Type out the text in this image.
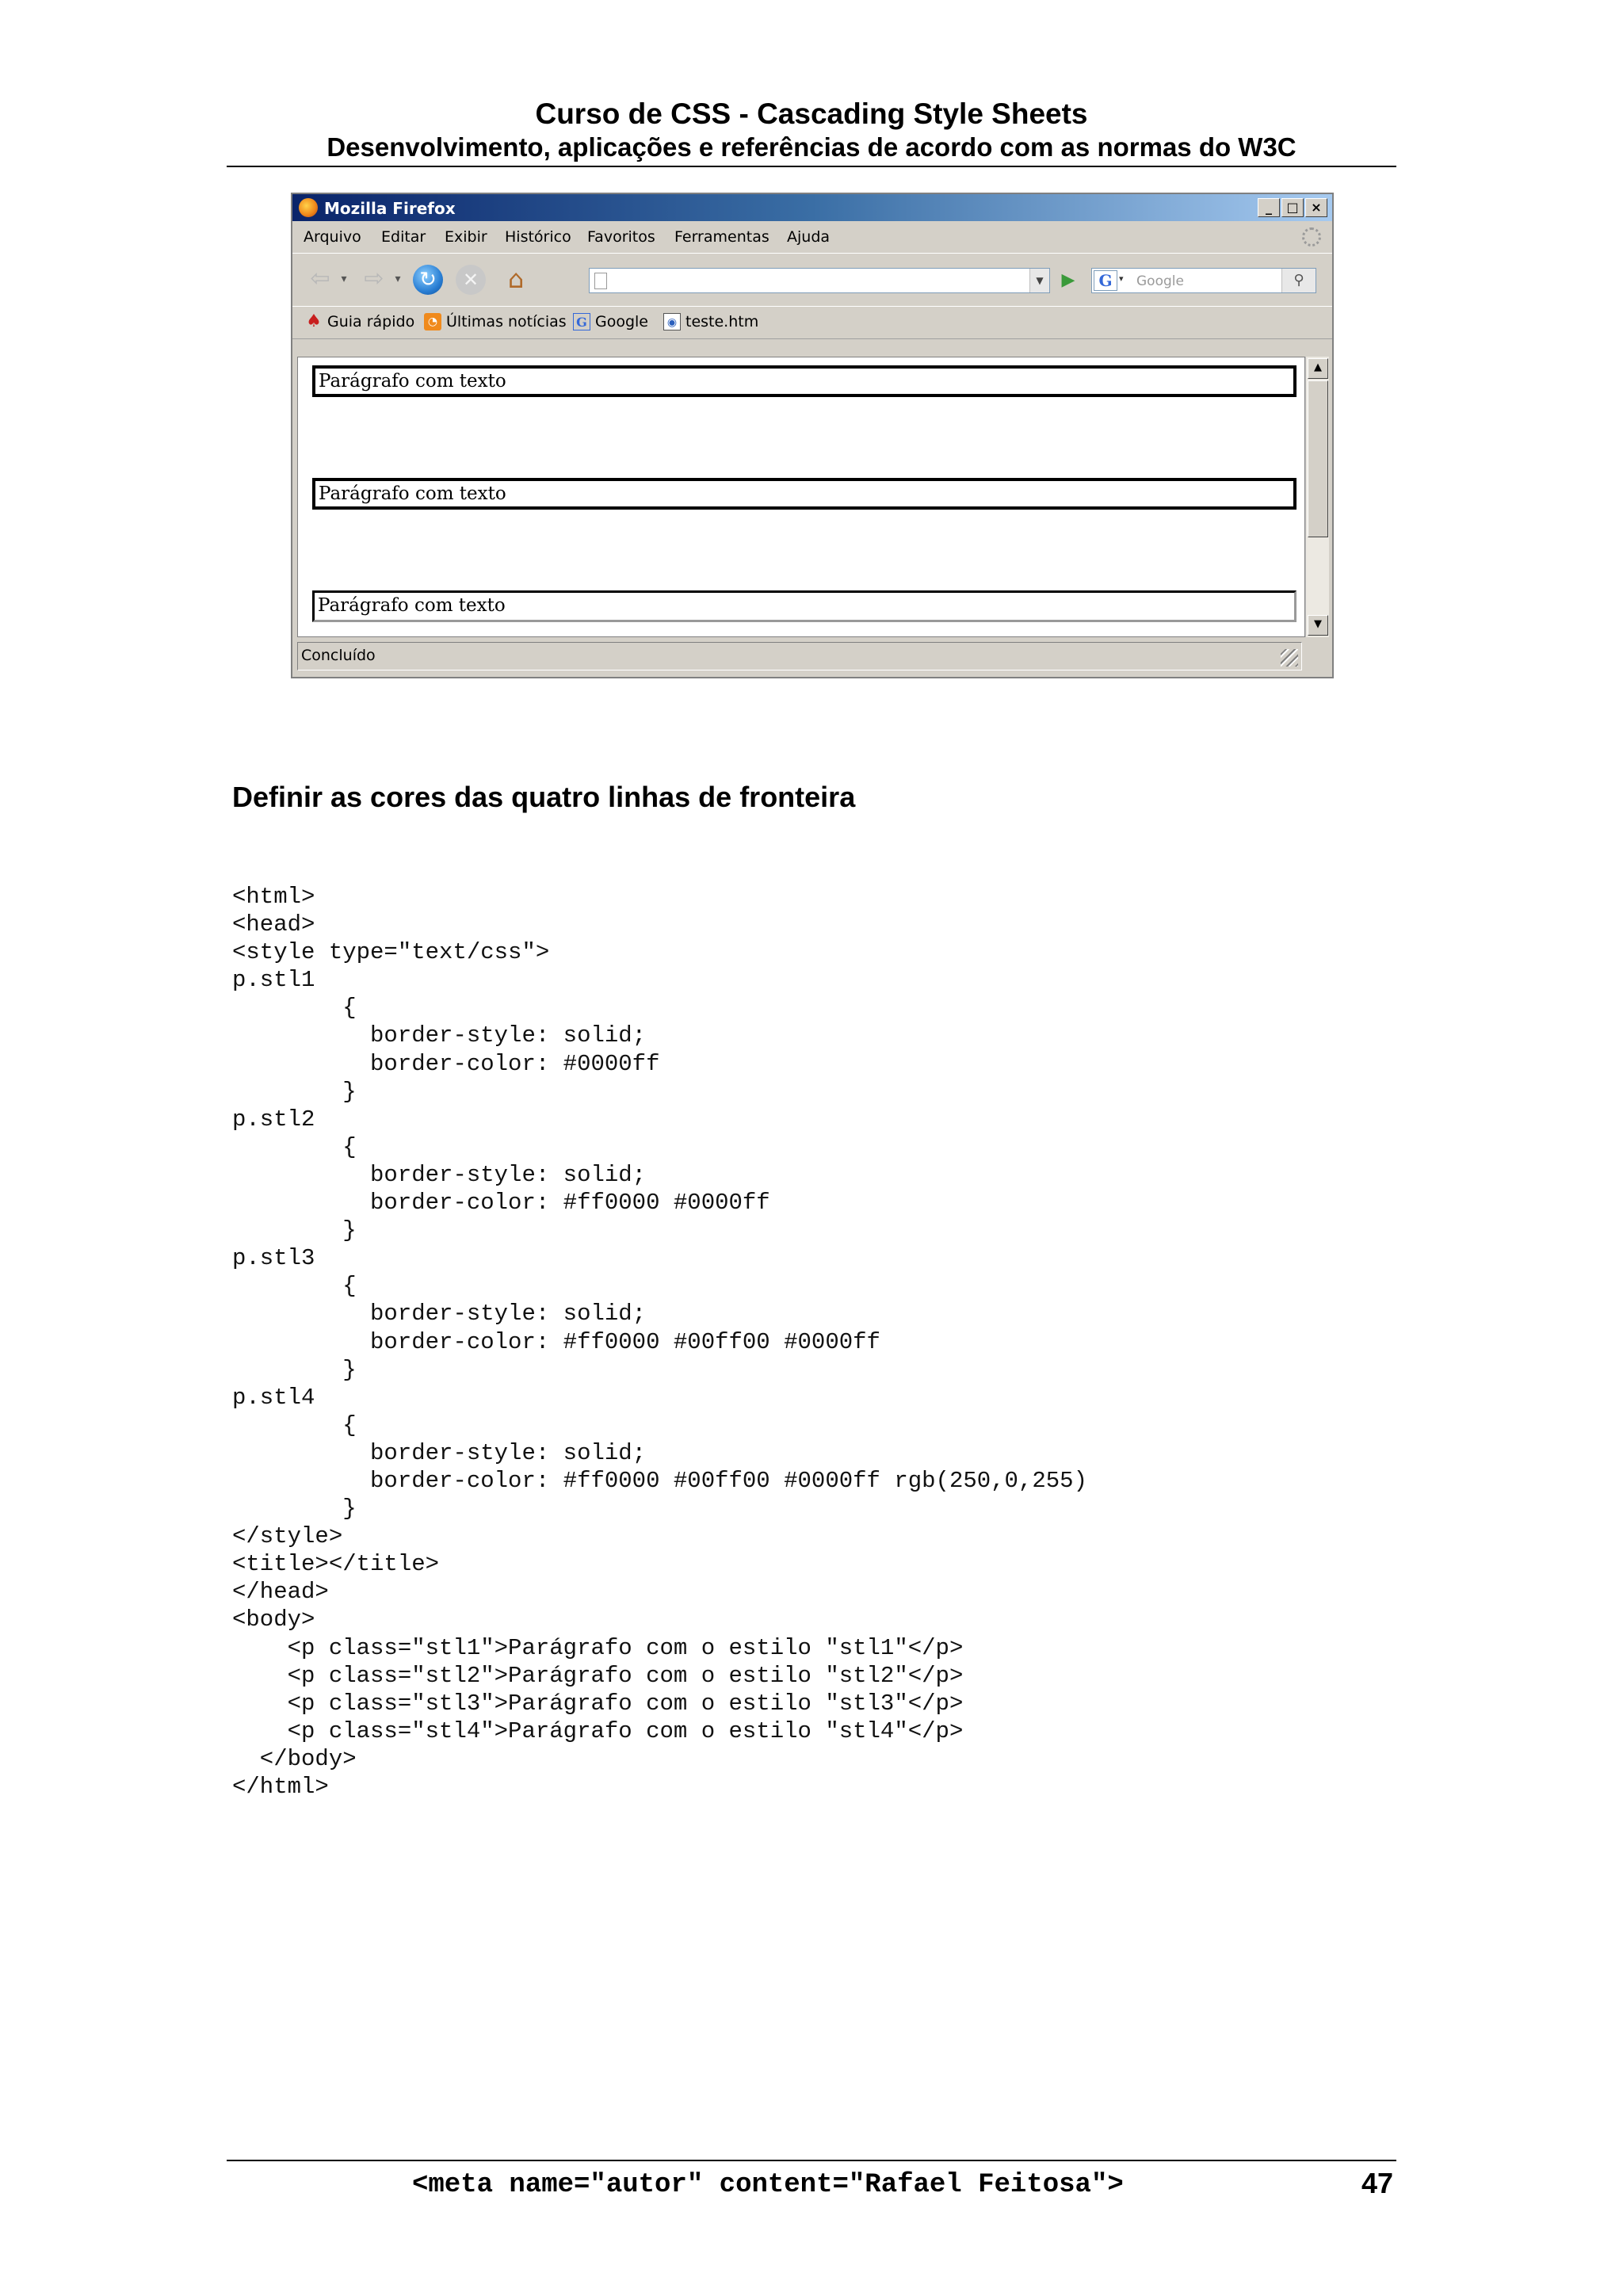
Curso de CSS - Cascading Style Sheets
Desenvolvimento, aplicações e referências de acordo com as normas do W3C
Mozilla Firefox	_	□ ×
Arquivo Editar Exibir Histórico Favoritos Ferramentas Ajuda
⇦ ▾ ⇨ ▾ ↻	✕	⌂	▼	▶	G ▾ Google	⚲
♠ Guia rápido	◔ Últimas notícias G Google	◉ teste.htm
Parágrafo com texto
Parágrafo com texto
Parágrafo com texto
▲
▼
Concluído
Definir as cores das quatro linhas de fronteira
<html>
<head>
<style type="text/css">
p.stl1
{
border-style: solid;
border-color: #0000ff
}
p.stl2
{
border-style: solid;
border-color: #ff0000 #0000ff
}
p.stl3
{
border-style: solid;
border-color: #ff0000 #00ff00 #0000ff
}
p.stl4
{
border-style: solid;
border-color: #ff0000 #00ff00 #0000ff rgb(250,0,255)
}
</style>
<title></title>
</head>
<body>
<p class="stl1">Parágrafo com o estilo "stl1"</p>
<p class="stl2">Parágrafo com o estilo "stl2"</p>
<p class="stl3">Parágrafo com o estilo "stl3"</p>
<p class="stl4">Parágrafo com o estilo "stl4"</p>
</body>
</html>
<meta name="autor" content="Rafael Feitosa">	47
